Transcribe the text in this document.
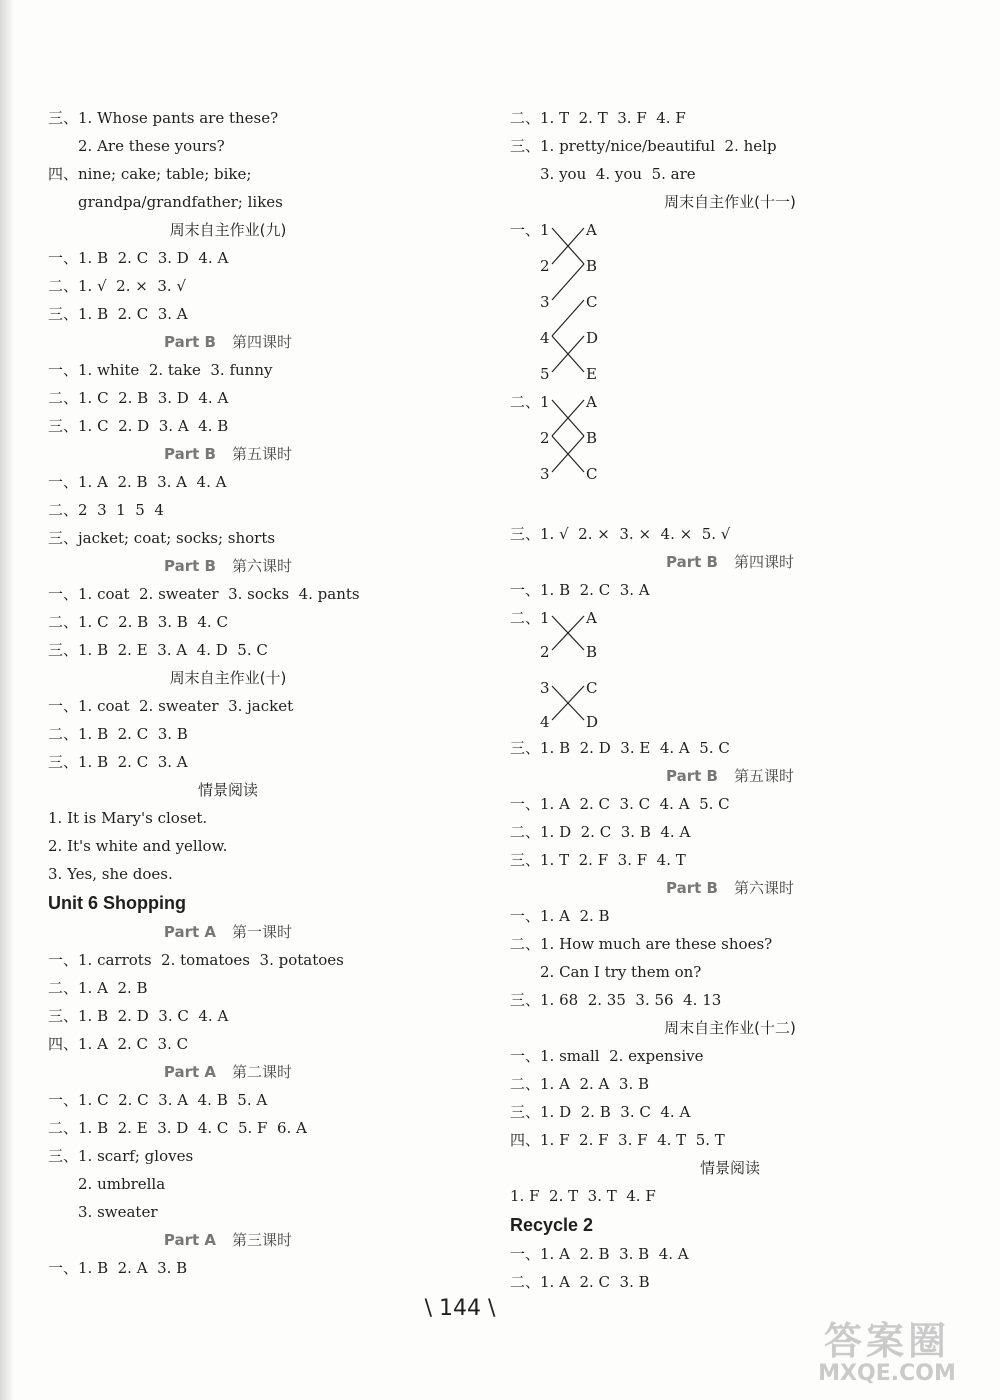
三、1. Whose pants are these?
2. Are these yours?
四、nine; cake; table; bike;
grandpa/grandfather; likes
周末自主作业(九)
一、1. B  2. C  3. D  4. A
二、1. √  2. ×  3. √
三、1. B  2. C  3. A
Part B 第四课时
一、1. white  2. take  3. funny
二、1. C  2. B  3. D  4. A
三、1. C  2. D  3. A  4. B
Part B 第五课时
一、1. A  2. B  3. A  4. A
二、2  3  1  5  4
三、jacket; coat; socks; shorts
Part B 第六课时
一、1. coat  2. sweater  3. socks  4. pants
二、1. C  2. B  3. B  4. C
三、1. B  2. E  3. A  4. D  5. C
周末自主作业(十)
一、1. coat  2. sweater  3. jacket
二、1. B  2. C  3. B
三、1. B  2. C  3. A
情景阅读
1. It is Mary's closet.
2. It's white and yellow.
3. Yes, she does.
Unit 6 Shopping
Part A 第一课时
一、1. carrots  2. tomatoes  3. potatoes
二、1. A  2. B
三、1. B  2. D  3. C  4. A
四、1. A  2. C  3. C
Part A 第二课时
一、1. C  2. C  3. A  4. B  5. A
二、1. B  2. E  3. D  4. C  5. F  6. A
三、1. scarf; gloves
2. umbrella
3. sweater
Part A 第三课时
一、1. B  2. A  3. B
二、1. T  2. T  3. F  4. F
三、1. pretty/nice/beautiful  2. help
3. you  4. you  5. are
周末自主作业(十一)
一、 1
2
3
4
5
A
B
C
D
E
二、 1
2
3
A
B
C
三、1. √  2. ×  3. ×  4. ×  5. √
Part B 第四课时
一、1. B  2. C  3. A
二、 1
2
3
4
A
B
C
D
三、1. B  2. D  3. E  4. A  5. C
Part B 第五课时
一、1. A  2. C  3. C  4. A  5. C
二、1. D  2. C  3. B  4. A
三、1. T  2. F  3. F  4. T
Part B 第六课时
一、1. A  2. B
二、1. How much are these shoes?
2. Can I try them on?
三、1. 68  2. 35  3. 56  4. 13
周末自主作业(十二)
一、1. small  2. expensive
二、1. A  2. A  3. B
三、1. D  2. B  3. C  4. A
四、1. F  2. F  3. F  4. T  5. T
情景阅读
1. F  2. T  3. T  4. F
Recycle 2
一、1. A  2. B  3. B  4. A
二、1. A  2. C  3. B
\ 144 \
答案圈
MXQE.COM
